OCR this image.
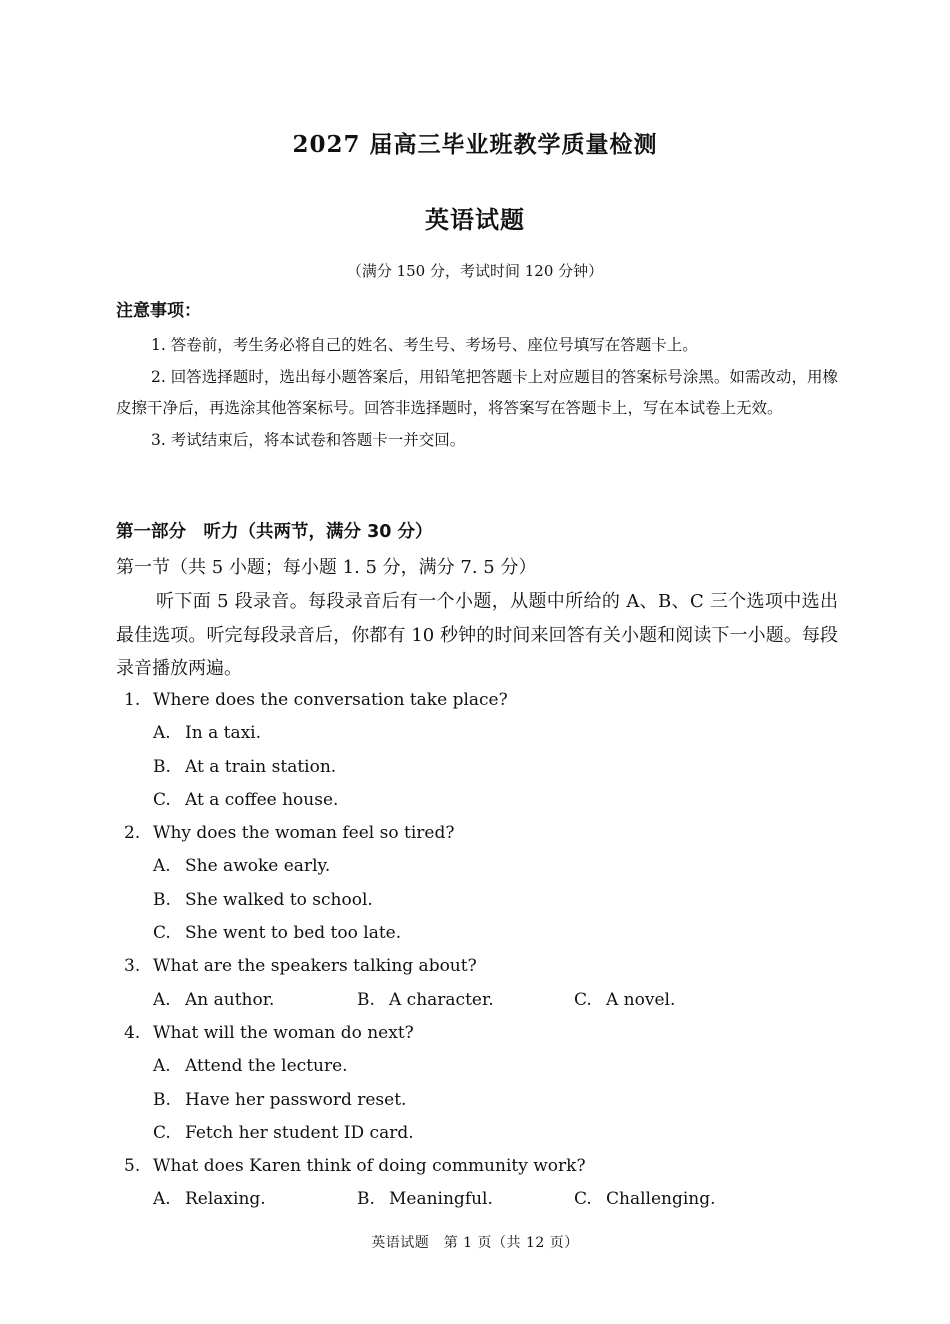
2027 届高三毕业班教学质量检测
英语试题
（满分 150 分，考试时间 120 分钟）
注意事项：
1. 答卷前，考生务必将自己的姓名、考生号、考场号、座位号填写在答题卡上。
2. 回答选择题时，选出每小题答案后，用铅笔把答题卡上对应题目的答案标号涂黑。如需改动，用橡皮擦干净后，再选涂其他答案标号。回答非选择题时，将答案写在答题卡上，写在本试卷上无效。
3. 考试结束后，将本试卷和答题卡一并交回。
第一部分　听力（共两节，满分 30 分）
第一节（共 5 小题；每小题 1. 5 分，满分 7. 5 分）
听下面 5 段录音。每段录音后有一个小题，从题中所给的 A、B、C 三个选项中选出最佳选项。听完每段录音后，你都有 10 秒钟的时间来回答有关小题和阅读下一小题。每段录音播放两遍。
1. Where does the conversation take place?
A. In a taxi.
B. At a train station.
C. At a coffee house.
2. Why does the woman feel so tired?
A. She awoke early.
B. She walked to school.
C. She went to bed too late.
3. What are the speakers talking about?
A. An author.	B. A character.	C. A novel.
4. What will the woman do next?
A. Attend the lecture.
B. Have her password reset.
C. Fetch her student ID card.
5. What does Karen think of doing community work?
A. Relaxing.	B. Meaningful.	C. Challenging.
英语试题　第 1 页（共 12 页）
